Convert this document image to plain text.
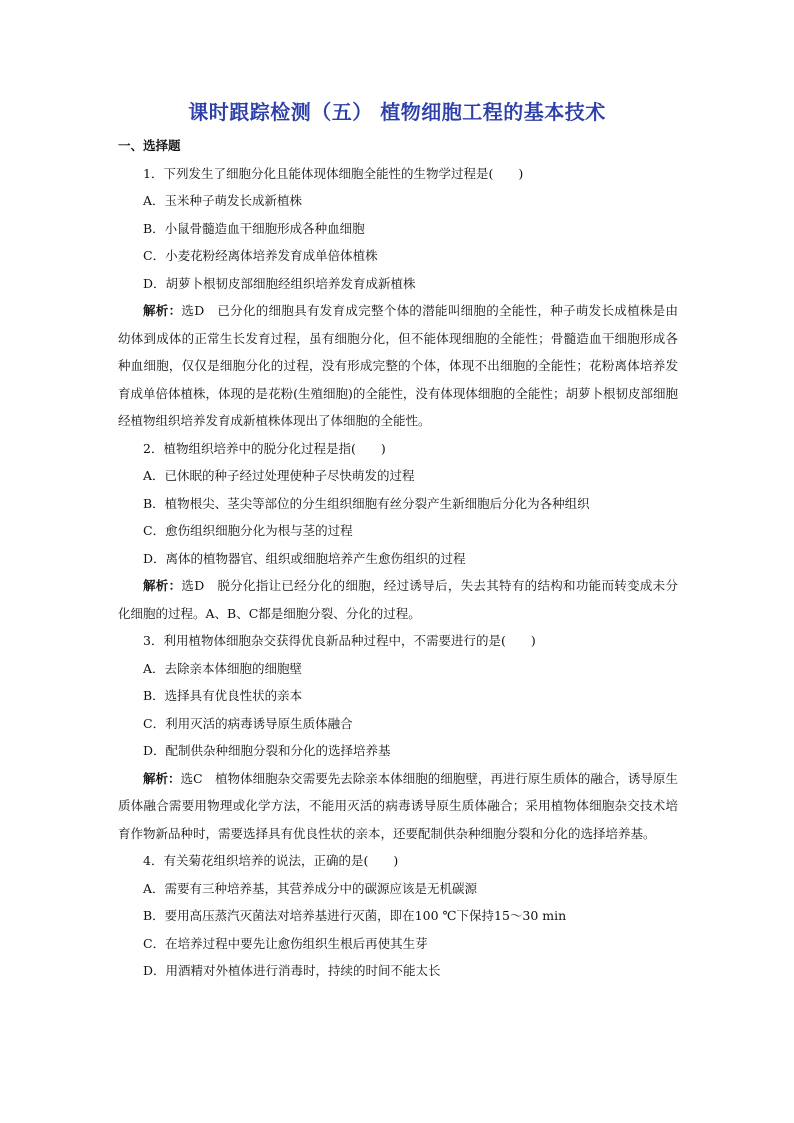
课时跟踪检测（五） 植物细胞工程的基本技术
一、选择题
1．下列发生了细胞分化且能体现体细胞全能性的生物学过程是(　　)
A．玉米种子萌发长成新植株
B．小鼠骨髓造血干细胞形成各种血细胞
C．小麦花粉经离体培养发育成单倍体植株
D．胡萝卜根韧皮部细胞经组织培养发育成新植株
解析：选D　已分化的细胞具有发育成完整个体的潜能叫细胞的全能性，种子萌发长成植株是由幼体到成体的正常生长发育过程，虽有细胞分化，但不能体现细胞的全能性；骨髓造血干细胞形成各种血细胞，仅仅是细胞分化的过程，没有形成完整的个体，体现不出细胞的全能性；花粉离体培养发育成单倍体植株，体现的是花粉(生殖细胞)的全能性，没有体现体细胞的全能性；胡萝卜根韧皮部细胞经植物组织培养发育成新植株体现出了体细胞的全能性。
2．植物组织培养中的脱分化过程是指(　　)
A．已休眠的种子经过处理使种子尽快萌发的过程
B．植物根尖、茎尖等部位的分生组织细胞有丝分裂产生新细胞后分化为各种组织
C．愈伤组织细胞分化为根与茎的过程
D．离体的植物器官、组织或细胞培养产生愈伤组织的过程
解析：选D　脱分化指让已经分化的细胞，经过诱导后，失去其特有的结构和功能而转变成未分化细胞的过程。A、B、C都是细胞分裂、分化的过程。
3．利用植物体细胞杂交获得优良新品种过程中，不需要进行的是(　　)
A．去除亲本体细胞的细胞壁
B．选择具有优良性状的亲本
C．利用灭活的病毒诱导原生质体融合
D．配制供杂种细胞分裂和分化的选择培养基
解析：选C　植物体细胞杂交需要先去除亲本体细胞的细胞壁，再进行原生质体的融合，诱导原生质体融合需要用物理或化学方法，不能用灭活的病毒诱导原生质体融合；采用植物体细胞杂交技术培育作物新品种时，需要选择具有优良性状的亲本，还要配制供杂种细胞分裂和分化的选择培养基。
4．有关菊花组织培养的说法，正确的是(　　)
A．需要有三种培养基，其营养成分中的碳源应该是无机碳源
B．要用高压蒸汽灭菌法对培养基进行灭菌，即在100 ℃下保持15～30 min
C．在培养过程中要先让愈伤组织生根后再使其生芽
D．用酒精对外植体进行消毒时，持续的时间不能太长
